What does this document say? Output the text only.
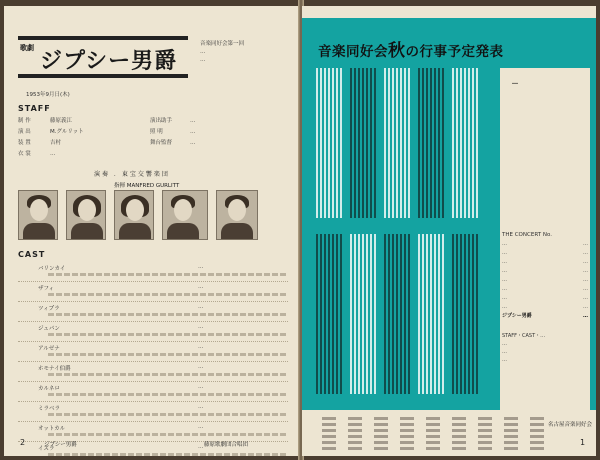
歌劇 ジプシー男爵
音楽同好会第一回
…
…
1953年9月日(木)
STAFF
制 作	藤原義江	演出助手	…
演 出	M.グルリット	照 明	…
装 置	吉村	舞台監督	…
衣 裳	…
演奏 ．東宝交響楽団
指揮 MANFRED GURLITT
CAST
バリンカイ	…
ザフィ	…
ツィプラ	…
ジュパン	…
アルゼナ	…
ホモナイ伯爵	…
カルネロ	…
ミラベラ	…
オットカル	…
イズラ	…
2	ジプシー男爵	藤原歌劇団合唱団
音楽同好会秋の行事予定発表
…
THE CONCERT No.
…	…
…	…
…	…
…	…
…	…
…	…
…	…
…	…
ジプシー男爵	…
STAFF・CAST・…
…
…
…
名古屋音楽同好会
1
